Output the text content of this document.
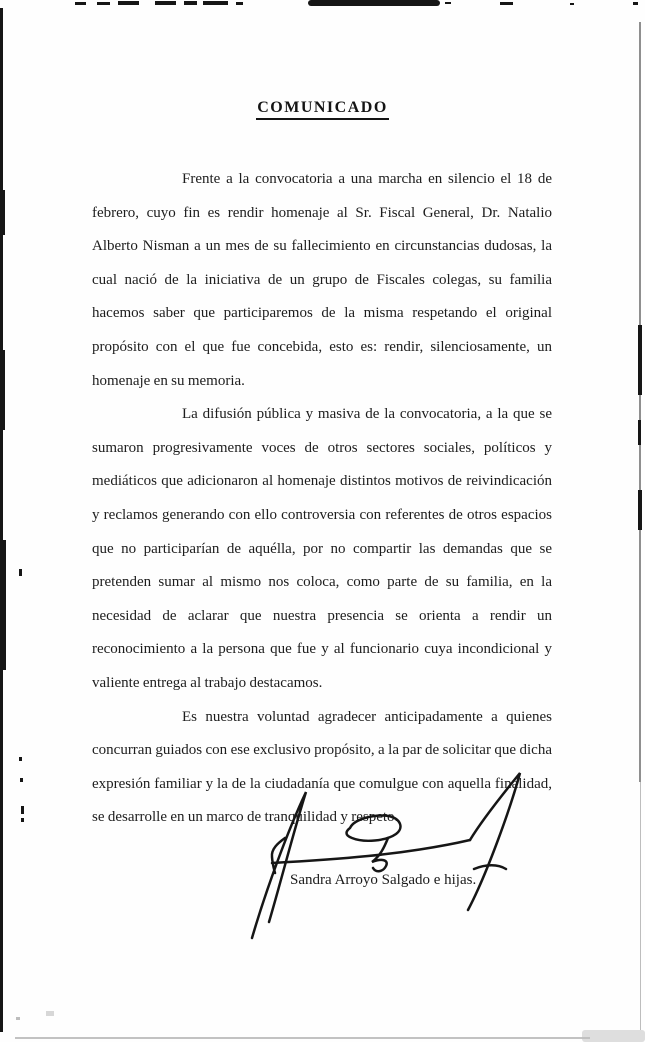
COMUNICADO

Frente a la convocatoria a una marcha en silencio el 18 de febrero, cuyo fin es rendir homenaje al Sr. Fiscal General, Dr. Natalio Alberto Nisman a un mes de su fallecimiento en circunstancias dudosas, la cual nació de la iniciativa de un grupo de Fiscales colegas, su familia hacemos saber que participaremos de la misma respetando el original propósito con el que fue concebida, esto es: rendir, silenciosamente, un homenaje en su memoria.

La difusión pública y masiva de la convocatoria, a la que se sumaron progresivamente voces de otros sectores sociales, políticos y mediáticos que adicionaron al homenaje distintos motivos de reivindicación y reclamos generando con ello controversia con referentes de otros espacios que no participarían de aquélla, por no compartir las demandas que se pretenden sumar al mismo nos coloca, como parte de su familia, en la necesidad de aclarar que nuestra presencia se orienta a rendir un reconocimiento a la persona que fue y al funcionario cuya incondicional y valiente entrega al trabajo destacamos.

Es nuestra voluntad agradecer anticipadamente a quienes concurran guiados con ese exclusivo propósito, a la par de solicitar que dicha expresión familiar y la de la ciudadanía que comulgue con aquella finalidad, se desarrolle en un marco de tranquilidad y respeto.

Sandra Arroyo Salgado e hijas.
